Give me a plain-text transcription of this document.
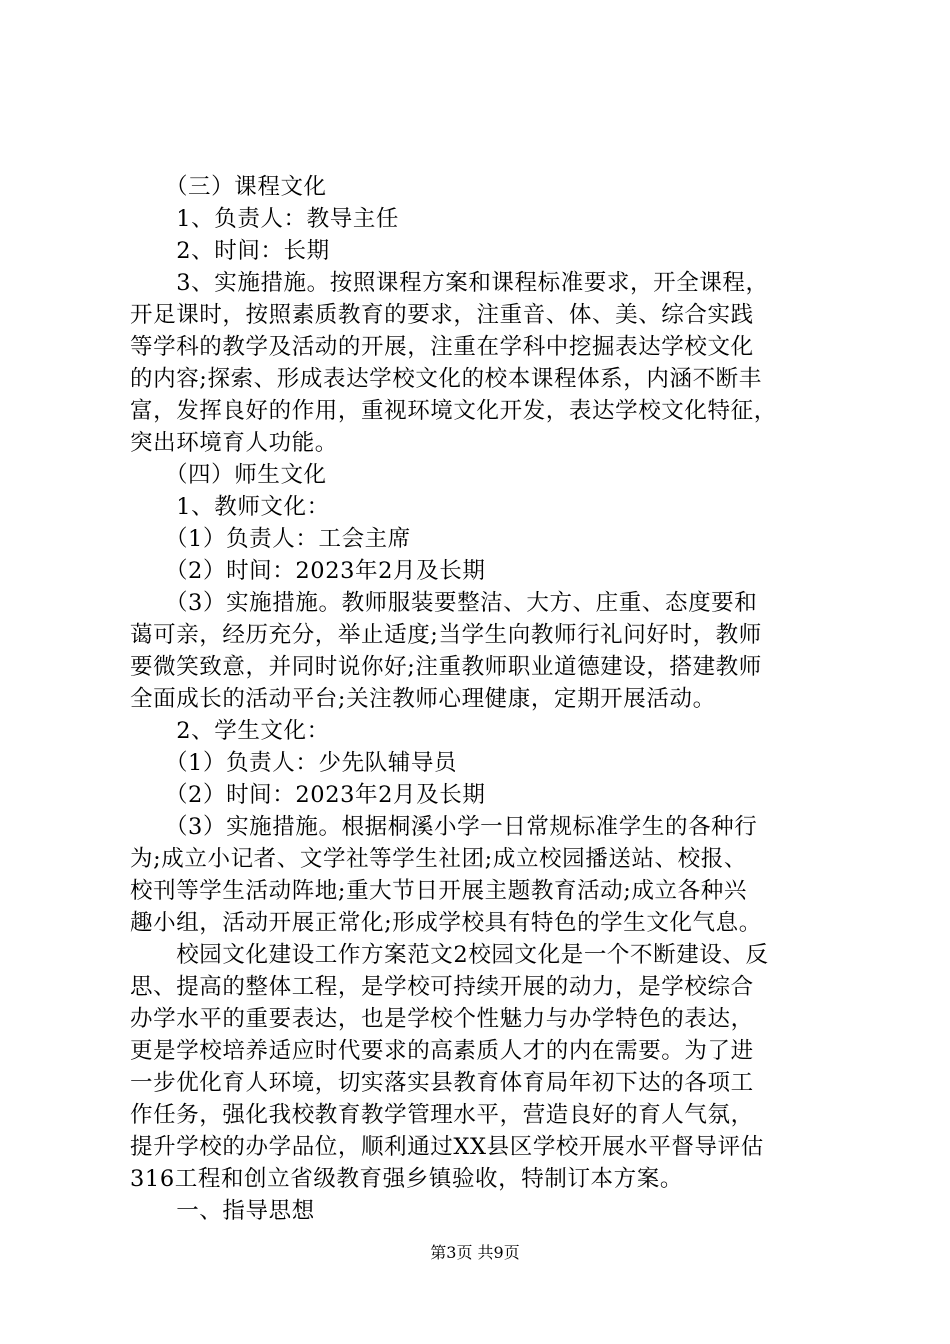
　　（三）课程文化
　　1、负责人：教导主任
　　2、时间：长期
　　3、实施措施。按照课程方案和课程标准要求，开全课程，
开足课时，按照素质教育的要求，注重音、体、美、综合实践
等学科的教学及活动的开展，注重在学科中挖掘表达学校文化
的内容;探索、形成表达学校文化的校本课程体系，内涵不断丰
富，发挥良好的作用，重视环境文化开发，表达学校文化特征，
突出环境育人功能。
　　（四）师生文化
　　1、教师文化：
　　（1）负责人：工会主席
　　（2）时间：2023年2月及长期
　　（3）实施措施。教师服装要整洁、大方、庄重、态度要和
蔼可亲，经历充分，举止适度;当学生向教师行礼问好时，教师
要微笑致意，并同时说你好;注重教师职业道德建设，搭建教师
全面成长的活动平台;关注教师心理健康，定期开展活动。
　　2、学生文化：
　　（1）负责人：少先队辅导员
　　（2）时间：2023年2月及长期
　　（3）实施措施。根据桐溪小学一日常规标准学生的各种行
为;成立小记者、文学社等学生社团;成立校园播送站、校报、
校刊等学生活动阵地;重大节日开展主题教育活动;成立各种兴
趣小组，活动开展正常化;形成学校具有特色的学生文化气息。
　　校园文化建设工作方案范文2校园文化是一个不断建设、反
思、提高的整体工程，是学校可持续开展的动力，是学校综合
办学水平的重要表达，也是学校个性魅力与办学特色的表达，
更是学校培养适应时代要求的高素质人才的内在需要。为了进
一步优化育人环境，切实落实县教育体育局年初下达的各项工
作任务，强化我校教育教学管理水平，营造良好的育人气氛，
提升学校的办学品位，顺利通过XX县区学校开展水平督导评估
316工程和创立省级教育强乡镇验收，特制订本方案。
　　一、指导思想
第3页 共9页
